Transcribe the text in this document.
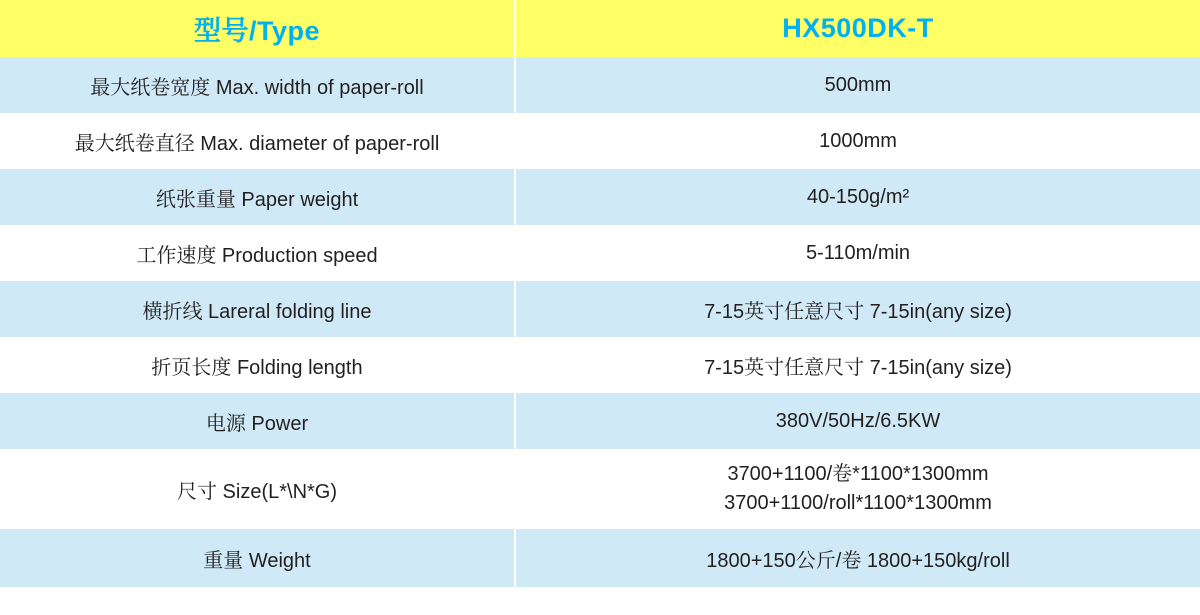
型号/Type	HX500DK-T
最大纸卷宽度 Max. width of paper-roll	500mm
最大纸卷直径 Max. diameter of paper-roll	1000mm
纸张重量 Paper weight	40-150g/m²
工作速度 Production speed	5-110m/min
横折线 Lareral folding line	7-15英寸任意尺寸 7-15in(any size)
折页长度 Folding length	7-15英寸任意尺寸 7-15in(any size)
电源 Power	380V/50Hz/6.5KW
尺寸 Size(L*\N*G)	3700+1100/卷*1100*1300mm
3700+1100/roll*1100*1300mm

重量 Weight	1800+150公斤/卷 1800+150kg/roll
